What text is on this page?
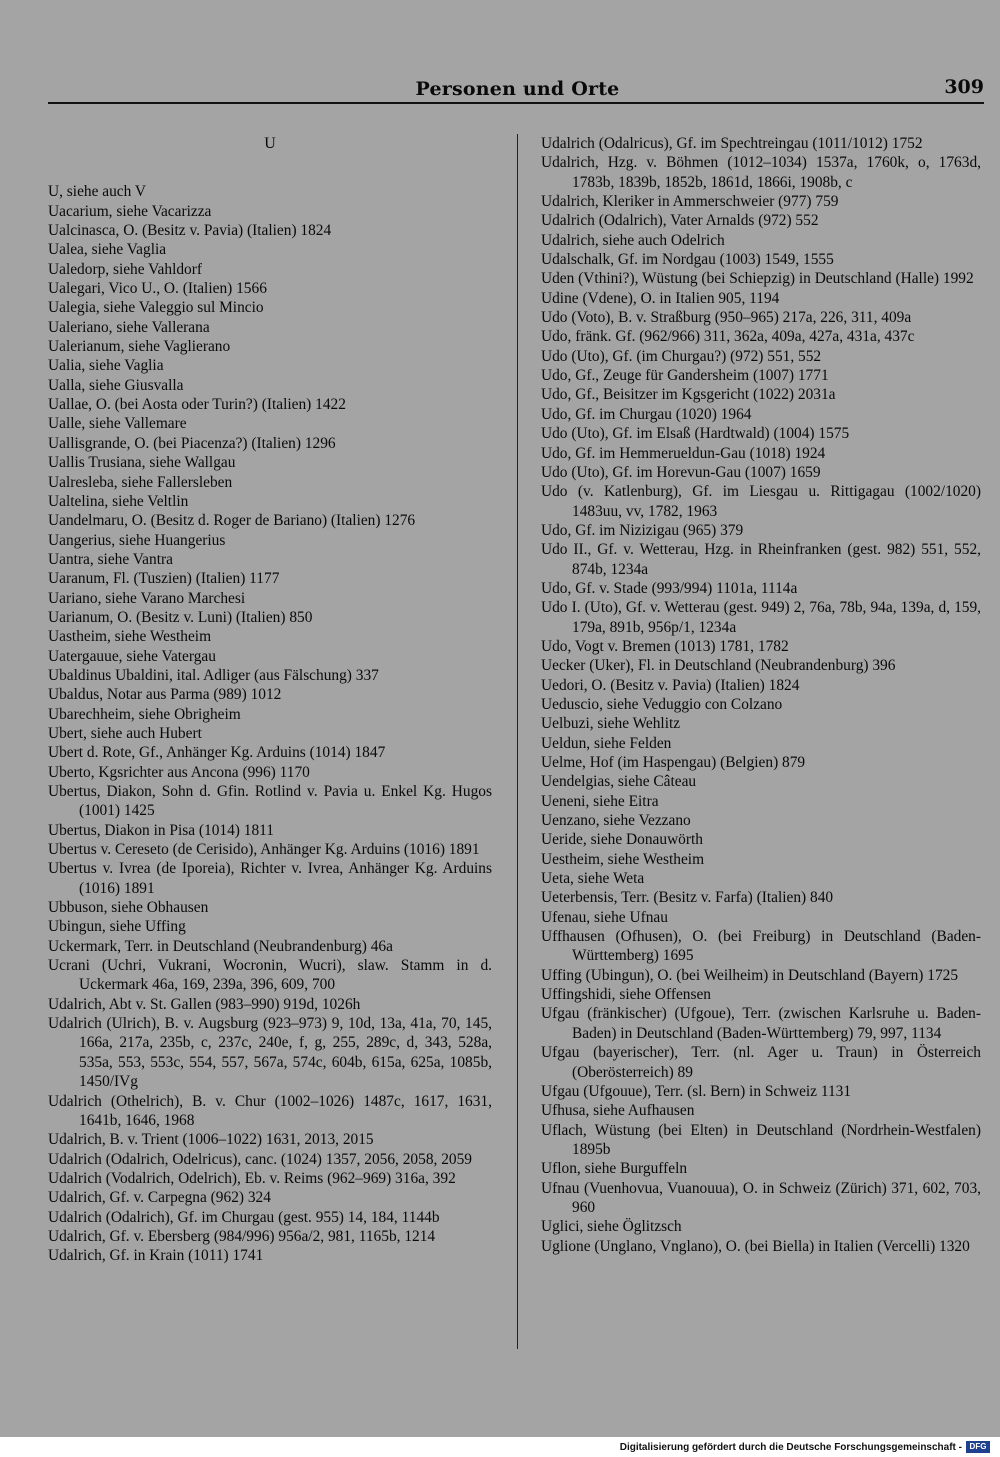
Personen und Orte	309
U
U, siehe auch V
Uacarium, siehe Vacarizza
Ualcinasca, O. (Besitz v. Pavia) (Italien) 1824
Ualea, siehe Vaglia
Ualedorp, siehe Vahldorf
Ualegari, Vico U., O. (Italien) 1566
Ualegia, siehe Valeggio sul Mincio
Ualeriano, siehe Vallerana
Ualerianum, siehe Vaglierano
Ualia, siehe Vaglia
Ualla, siehe Giusvalla
Uallae, O. (bei Aosta oder Turin?) (Italien) 1422
Ualle, siehe Vallemare
Uallisgrande, O. (bei Piacenza?) (Italien) 1296
Uallis Trusiana, siehe Wallgau
Ualresleba, siehe Fallersleben
Ualtelina, siehe Veltlin
Uandelmaru, O. (Besitz d. Roger de Bariano) (Italien) 1276
Uangerius, siehe Huangerius
Uantra, siehe Vantra
Uaranum, Fl. (Tuszien) (Italien) 1177
Uariano, siehe Varano Marchesi
Uarianum, O. (Besitz v. Luni) (Italien) 850
Uastheim, siehe Westheim
Uatergauue, siehe Vatergau
Ubaldinus Ubaldini, ital. Adliger (aus Fälschung) 337
Ubaldus, Notar aus Parma (989) 1012
Ubarechheim, siehe Obrigheim
Ubert, siehe auch Hubert
Ubert d. Rote, Gf., Anhänger Kg. Arduins (1014) 1847
Uberto, Kgsrichter aus Ancona (996) 1170
Ubertus, Diakon, Sohn d. Gfin. Rotlind v. Pavia u. Enkel Kg. Hugos (1001) 1425
Ubertus, Diakon in Pisa (1014) 1811
Ubertus v. Cereseto (de Cerisido), Anhänger Kg. Arduins (1016) 1891
Ubertus v. Ivrea (de Iporeia), Richter v. Ivrea, Anhänger Kg. Arduins (1016) 1891
Ubbuson, siehe Obhausen
Ubingun, siehe Uffing
Uckermark, Terr. in Deutschland (Neubrandenburg) 46a
Ucrani (Uchri, Vukrani, Wocronin, Wucri), slaw. Stamm in d. Uckermark 46a, 169, 239a, 396, 609, 700
Udalrich, Abt v. St. Gallen (983–990) 919d, 1026h
Udalrich (Ulrich), B. v. Augsburg (923–973) 9, 10d, 13a, 41a, 70, 145, 166a, 217a, 235b, c, 237c, 240e, f, g, 255, 289c, d, 343, 528a, 535a, 553, 553c, 554, 557, 567a, 574c, 604b, 615a, 625a, 1085b, 1450/IVg
Udalrich (Othelrich), B. v. Chur (1002–1026) 1487c, 1617, 1631, 1641b, 1646, 1968
Udalrich, B. v. Trient (1006–1022) 1631, 2013, 2015
Udalrich (Odalrich, Odelricus), canc. (1024) 1357, 2056, 2058, 2059
Udalrich (Vodalrich, Odelrich), Eb. v. Reims (962–969) 316a, 392
Udalrich, Gf. v. Carpegna (962) 324
Udalrich (Odalrich), Gf. im Churgau (gest. 955) 14, 184, 1144b
Udalrich, Gf. v. Ebersberg (984/996) 956a/2, 981, 1165b, 1214
Udalrich, Gf. in Krain (1011) 1741
Udalrich (Odalricus), Gf. im Spechtreingau (1011/1012) 1752
Udalrich, Hzg. v. Böhmen (1012–1034) 1537a, 1760k, o, 1763d, 1783b, 1839b, 1852b, 1861d, 1866i, 1908b, c
Udalrich, Kleriker in Ammerschweier (977) 759
Udalrich (Odalrich), Vater Arnalds (972) 552
Udalrich, siehe auch Odelrich
Udalschalk, Gf. im Nordgau (1003) 1549, 1555
Uden (Vthini?), Wüstung (bei Schiepzig) in Deutschland (Halle) 1992
Udine (Vdene), O. in Italien 905, 1194
Udo (Voto), B. v. Straßburg (950–965) 217a, 226, 311, 409a
Udo, fränk. Gf. (962/966) 311, 362a, 409a, 427a, 431a, 437c
Udo (Uto), Gf. (im Churgau?) (972) 551, 552
Udo, Gf., Zeuge für Gandersheim (1007) 1771
Udo, Gf., Beisitzer im Kgsgericht (1022) 2031a
Udo, Gf. im Churgau (1020) 1964
Udo (Uto), Gf. im Elsaß (Hardtwald) (1004) 1575
Udo, Gf. im Hemmerueldun-Gau (1018) 1924
Udo (Uto), Gf. im Horevun-Gau (1007) 1659
Udo (v. Katlenburg), Gf. im Liesgau u. Rittigagau (1002/1020) 1483uu, vv, 1782, 1963
Udo, Gf. im Nizizigau (965) 379
Udo II., Gf. v. Wetterau, Hzg. in Rheinfranken (gest. 982) 551, 552, 874b, 1234a
Udo, Gf. v. Stade (993/994) 1101a, 1114a
Udo I. (Uto), Gf. v. Wetterau (gest. 949) 2, 76a, 78b, 94a, 139a, d, 159, 179a, 891b, 956p/1, 1234a
Udo, Vogt v. Bremen (1013) 1781, 1782
Uecker (Uker), Fl. in Deutschland (Neubrandenburg) 396
Uedori, O. (Besitz v. Pavia) (Italien) 1824
Ueduscio, siehe Veduggio con Colzano
Uelbuzi, siehe Wehlitz
Ueldun, siehe Felden
Uelme, Hof (im Haspengau) (Belgien) 879
Uendelgias, siehe Câteau
Ueneni, siehe Eitra
Uenzano, siehe Vezzano
Ueride, siehe Donauwörth
Uestheim, siehe Westheim
Ueta, siehe Weta
Ueterbensis, Terr. (Besitz v. Farfa) (Italien) 840
Ufenau, siehe Ufnau
Uffhausen (Ofhusen), O. (bei Freiburg) in Deutschland (Baden-Württemberg) 1695
Uffing (Ubingun), O. (bei Weilheim) in Deutschland (Bayern) 1725
Uffingshidi, siehe Offensen
Ufgau (fränkischer) (Ufgoue), Terr. (zwischen Karlsruhe u. Baden-Baden) in Deutschland (Baden-Württemberg) 79, 997, 1134
Ufgau (bayerischer), Terr. (nl. Ager u. Traun) in Österreich (Oberösterreich) 89
Ufgau (Ufgouue), Terr. (sl. Bern) in Schweiz 1131
Ufhusa, siehe Aufhausen
Uflach, Wüstung (bei Elten) in Deutschland (Nordrhein-Westfalen) 1895b
Uflon, siehe Burguffeln
Ufnau (Vuenhovua, Vuanouua), O. in Schweiz (Zürich) 371, 602, 703, 960
Uglici, siehe Öglitzsch
Uglione (Unglano, Vnglano), O. (bei Biella) in Italien (Vercelli) 1320
Digitalisierung gefördert durch die Deutsche Forschungsgemeinschaft - DFG
